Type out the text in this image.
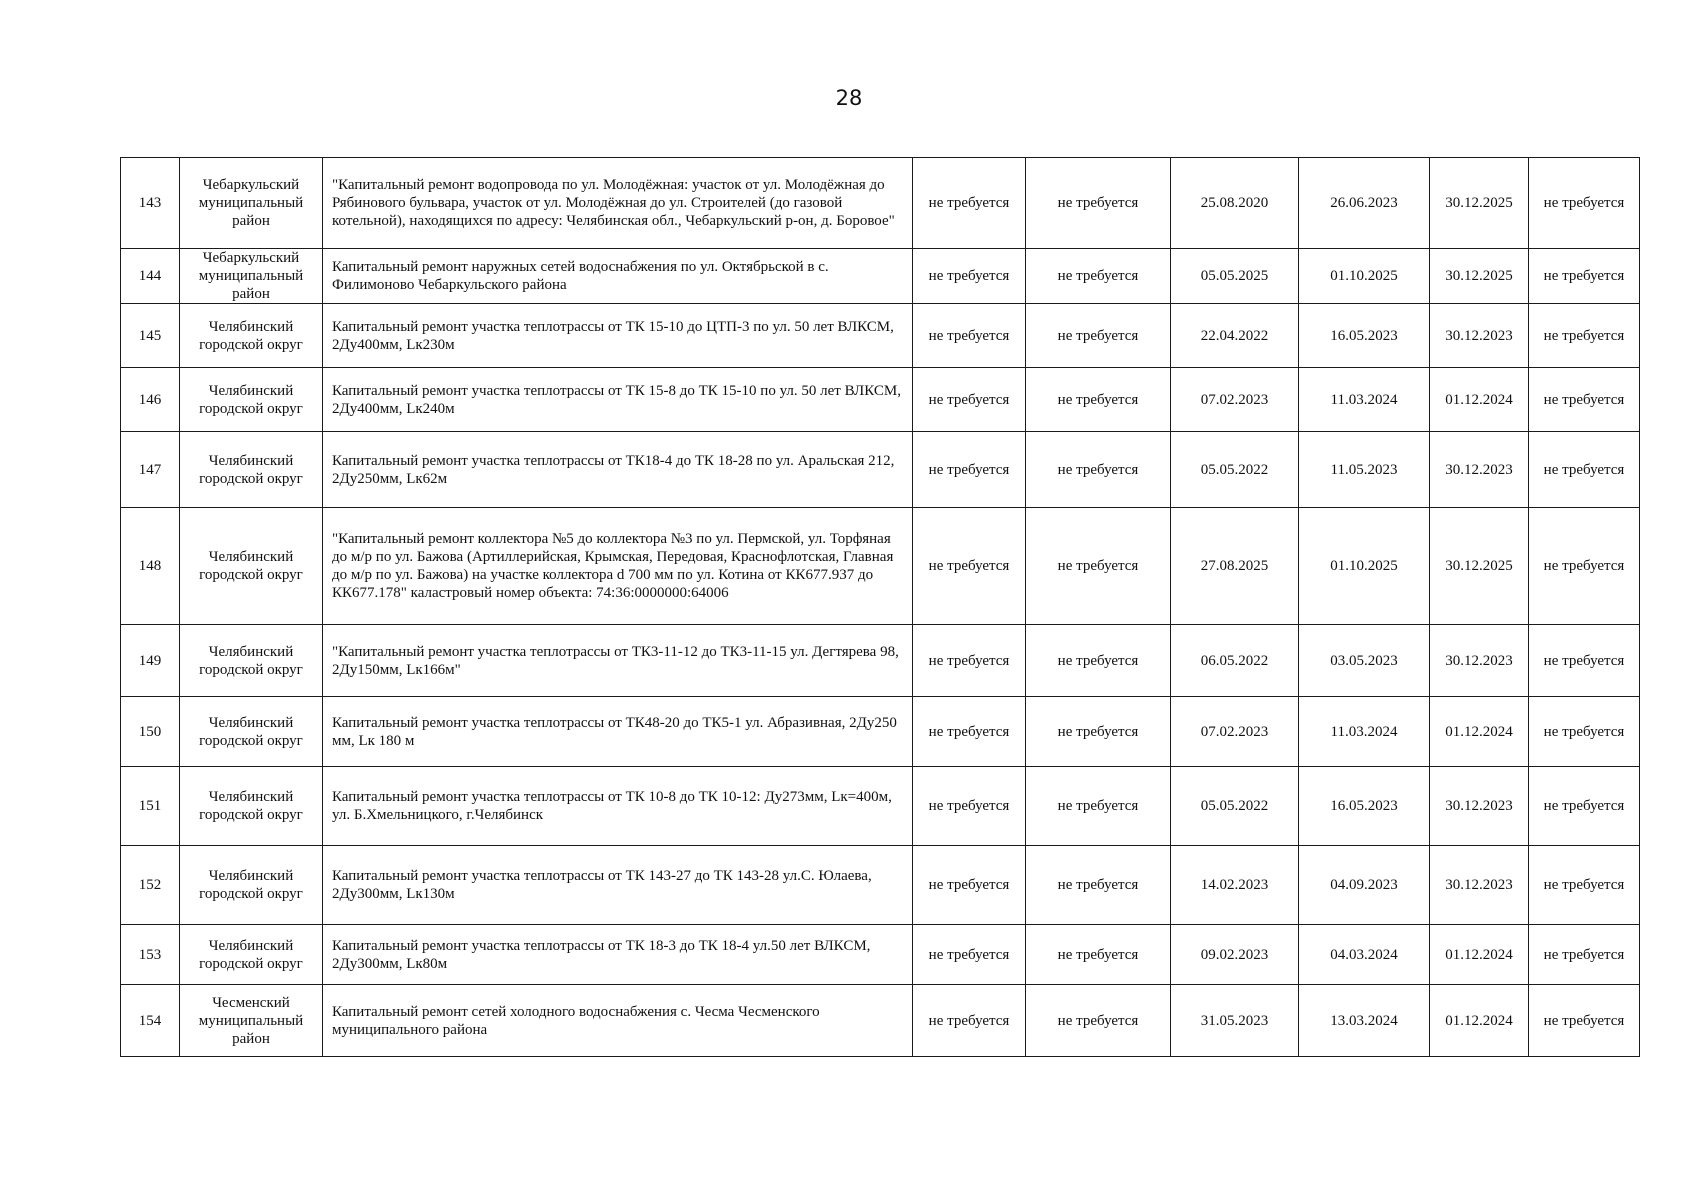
28
143	Чебаркульский муниципальный район	"Капитальный ремонт водопровода по ул. Молодёжная: участок от ул. Молодёжная до Рябинового бульвара, участок от ул. Молодёжная до ул. Строителей (до газовой котельной), находящихся по адресу: Челябинская обл., Чебаркульский р-он, д. Боровое"	не требуется	не требуется	25.08.2020	26.06.2023	30.12.2025	не требуется
144	Чебаркульский муниципальный район	Капитальный ремонт наружных сетей водоснабжения по ул. Октябрьской в с. Филимоново Чебаркульского района	не требуется	не требуется	05.05.2025	01.10.2025	30.12.2025	не требуется
145	Челябинский городской округ	Капитальный ремонт участка теплотрассы от ТК 15-10 до ЦТП-3 по ул. 50 лет ВЛКСМ, 2Ду400мм, Lк230м	не требуется	не требуется	22.04.2022	16.05.2023	30.12.2023	не требуется
146	Челябинский городской округ	Капитальный ремонт участка теплотрассы от ТК 15-8 до ТК 15-10 по ул. 50 лет ВЛКСМ, 2Ду400мм, Lк240м	не требуется	не требуется	07.02.2023	11.03.2024	01.12.2024	не требуется
147	Челябинский городской округ	Капитальный ремонт участка теплотрассы от ТК18-4 до ТК 18-28 по ул. Аральская 212, 2Ду250мм, Lк62м	не требуется	не требуется	05.05.2022	11.05.2023	30.12.2023	не требуется
148	Челябинский городской округ	"Капитальный ремонт коллектора №5 до коллектора №3 по ул. Пермской, ул. Торфяная до м/р по ул. Бажова (Артиллерийская, Крымская, Передовая, Краснофлотская, Главная до м/р по ул. Бажова) на участке коллектора d 700 мм по ул. Котина от КК677.937 до КК677.178" каластровый номер объекта: 74:36:0000000:64006	не требуется	не требуется	27.08.2025	01.10.2025	30.12.2025	не требуется
149	Челябинский городской округ	"Капитальный ремонт участка теплотрассы от ТК3-11-12 до ТК3-11-15 ул. Дегтярева 98, 2Ду150мм, Lк166м"	не требуется	не требуется	06.05.2022	03.05.2023	30.12.2023	не требуется
150	Челябинский городской округ	Капитальный ремонт участка теплотрассы от ТК48-20 до ТК5-1 ул. Абразивная, 2Ду250 мм, Lк 180 м	не требуется	не требуется	07.02.2023	11.03.2024	01.12.2024	не требуется
151	Челябинский городской округ	Капитальный ремонт участка теплотрассы от ТК 10-8 до ТК 10-12: Ду273мм, Lк=400м, ул. Б.Хмельницкого, г.Челябинск	не требуется	не требуется	05.05.2022	16.05.2023	30.12.2023	не требуется
152	Челябинский городской округ	Капитальный ремонт участка теплотрассы от ТК 143-27 до ТК 143-28 ул.С. Юлаева, 2Ду300мм, Lк130м	не требуется	не требуется	14.02.2023	04.09.2023	30.12.2023	не требуется
153	Челябинский городской округ	Капитальный ремонт участка теплотрассы от ТК 18-3 до ТК 18-4 ул.50 лет ВЛКСМ, 2Ду300мм, Lк80м	не требуется	не требуется	09.02.2023	04.03.2024	01.12.2024	не требуется
154	Чесменский муниципальный район	Капитальный ремонт сетей холодного водоснабжения с. Чесма Чесменского муниципального района	не требуется	не требуется	31.05.2023	13.03.2024	01.12.2024	не требуется
